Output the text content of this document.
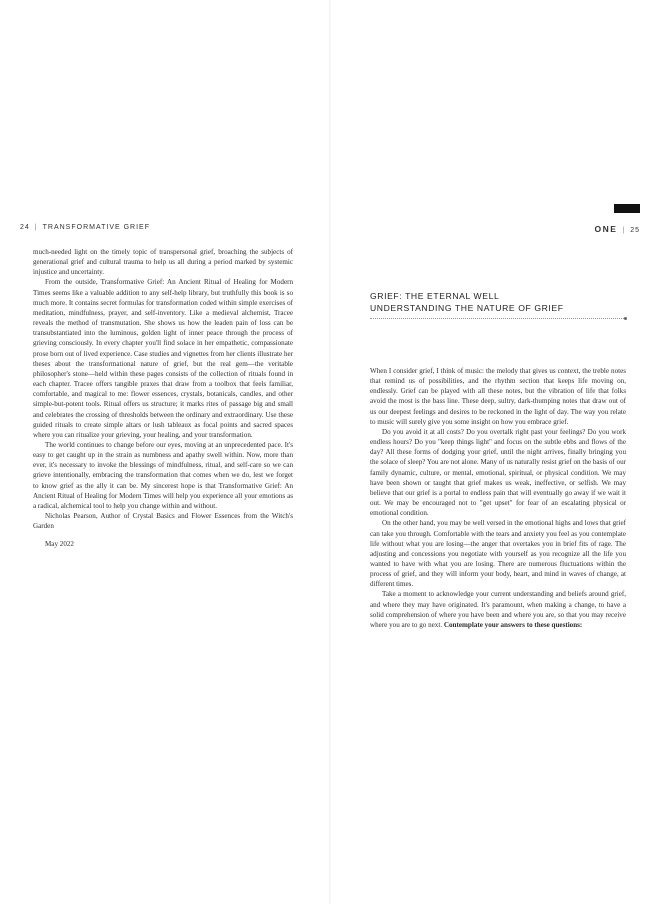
24 | TRANSFORMATIVE GRIEF

much-needed light on the timely topic of transpersonal grief, broaching the subjects of generational grief and cultural trauma to help us all during a period marked by systemic injustice and uncertainty.

From the outside, Transformative Grief: An Ancient Ritual of Healing for Modern Times seems like a valuable addition to any self-help library, but truthfully this book is so much more. It contains secret formulas for transformation coded within simple exercises of meditation, mindfulness, prayer, and self-inventory. Like a medieval alchemist, Tracee reveals the method of transmutation. She shows us how the leaden pain of loss can be transubstantiated into the luminous, golden light of inner peace through the process of grieving consciously. In every chapter you'll find solace in her empathetic, compassionate prose born out of lived experience. Case studies and vignettes from her clients illustrate her theses about the transformational nature of grief, but the real gem—the veritable philosopher's stone—held within these pages consists of the collection of rituals found in each chapter. Tracee offers tangible praxes that draw from a toolbox that feels familiar, comfortable, and magical to me: flower essences, crystals, botanicals, candles, and other simple-but-potent tools. Ritual offers us structure; it marks rites of passage big and small and celebrates the crossing of thresholds between the ordinary and extraordinary. Use these guided rituals to create simple altars or lush tableaux as focal points and sacred spaces where you can ritualize your grieving, your healing, and your transformation.

The world continues to change before our eyes, moving at an unprecedented pace. It's easy to get caught up in the strain as numbness and apathy swell within. Now, more than ever, it's necessary to invoke the blessings of mindfulness, ritual, and self-care so we can grieve intentionally, embracing the transformation that comes when we do, lest we forget to know grief as the ally it can be. My sincerest hope is that Transformative Grief: An Ancient Ritual of Healing for Modern Times will help you experience all your emotions as a radical, alchemical tool to help you change within and without.

Nicholas Pearson, Author of Crystal Basics and Flower Essences from the Witch's Garden

May 2022

ONE | 25
GRIEF: THE ETERNAL WELL
UNDERSTANDING THE NATURE OF GRIEF

When I consider grief, I think of music: the melody that gives us context, the treble notes that remind us of possibilities, and the rhythm section that keeps life moving on, endlessly. Grief can be played with all these notes, but the vibration of life that folks avoid the most is the bass line. These deep, sultry, dark-thumping notes that draw out of us our deepest feelings and desires to be reckoned in the light of day. The way you relate to music will surely give you some insight on how you embrace grief.

Do you avoid it at all costs? Do you overtalk right past your feelings? Do you work endless hours? Do you "keep things light" and focus on the subtle ebbs and flows of the day? All these forms of dodging your grief, until the night arrives, finally bringing you the solace of sleep? You are not alone. Many of us naturally resist grief on the basis of our family dynamic, culture, or mental, emotional, spiritual, or physical condition. We may have been shown or taught that grief makes us weak, ineffective, or selfish. We may believe that our grief is a portal to endless pain that will eventually go away if we wait it out. We may be encouraged not to "get upset" for fear of an escalating physical or emotional condition.

On the other hand, you may be well versed in the emotional highs and lows that grief can take you through. Comfortable with the tears and anxiety you feel as you contemplate life without what you are losing—the anger that overtakes you in brief fits of rage. The adjusting and concessions you negotiate with yourself as you recognize all the life you wanted to have with what you are losing. There are numerous fluctuations within the process of grief, and they will inform your body, heart, and mind in waves of change, at different times.

Take a moment to acknowledge your current understanding and beliefs around grief, and where they may have originated. It's paramount, when making a change, to have a solid comprehension of where you have been and where you are, so that you may receive where you are to go next. Contemplate your answers to these questions:
